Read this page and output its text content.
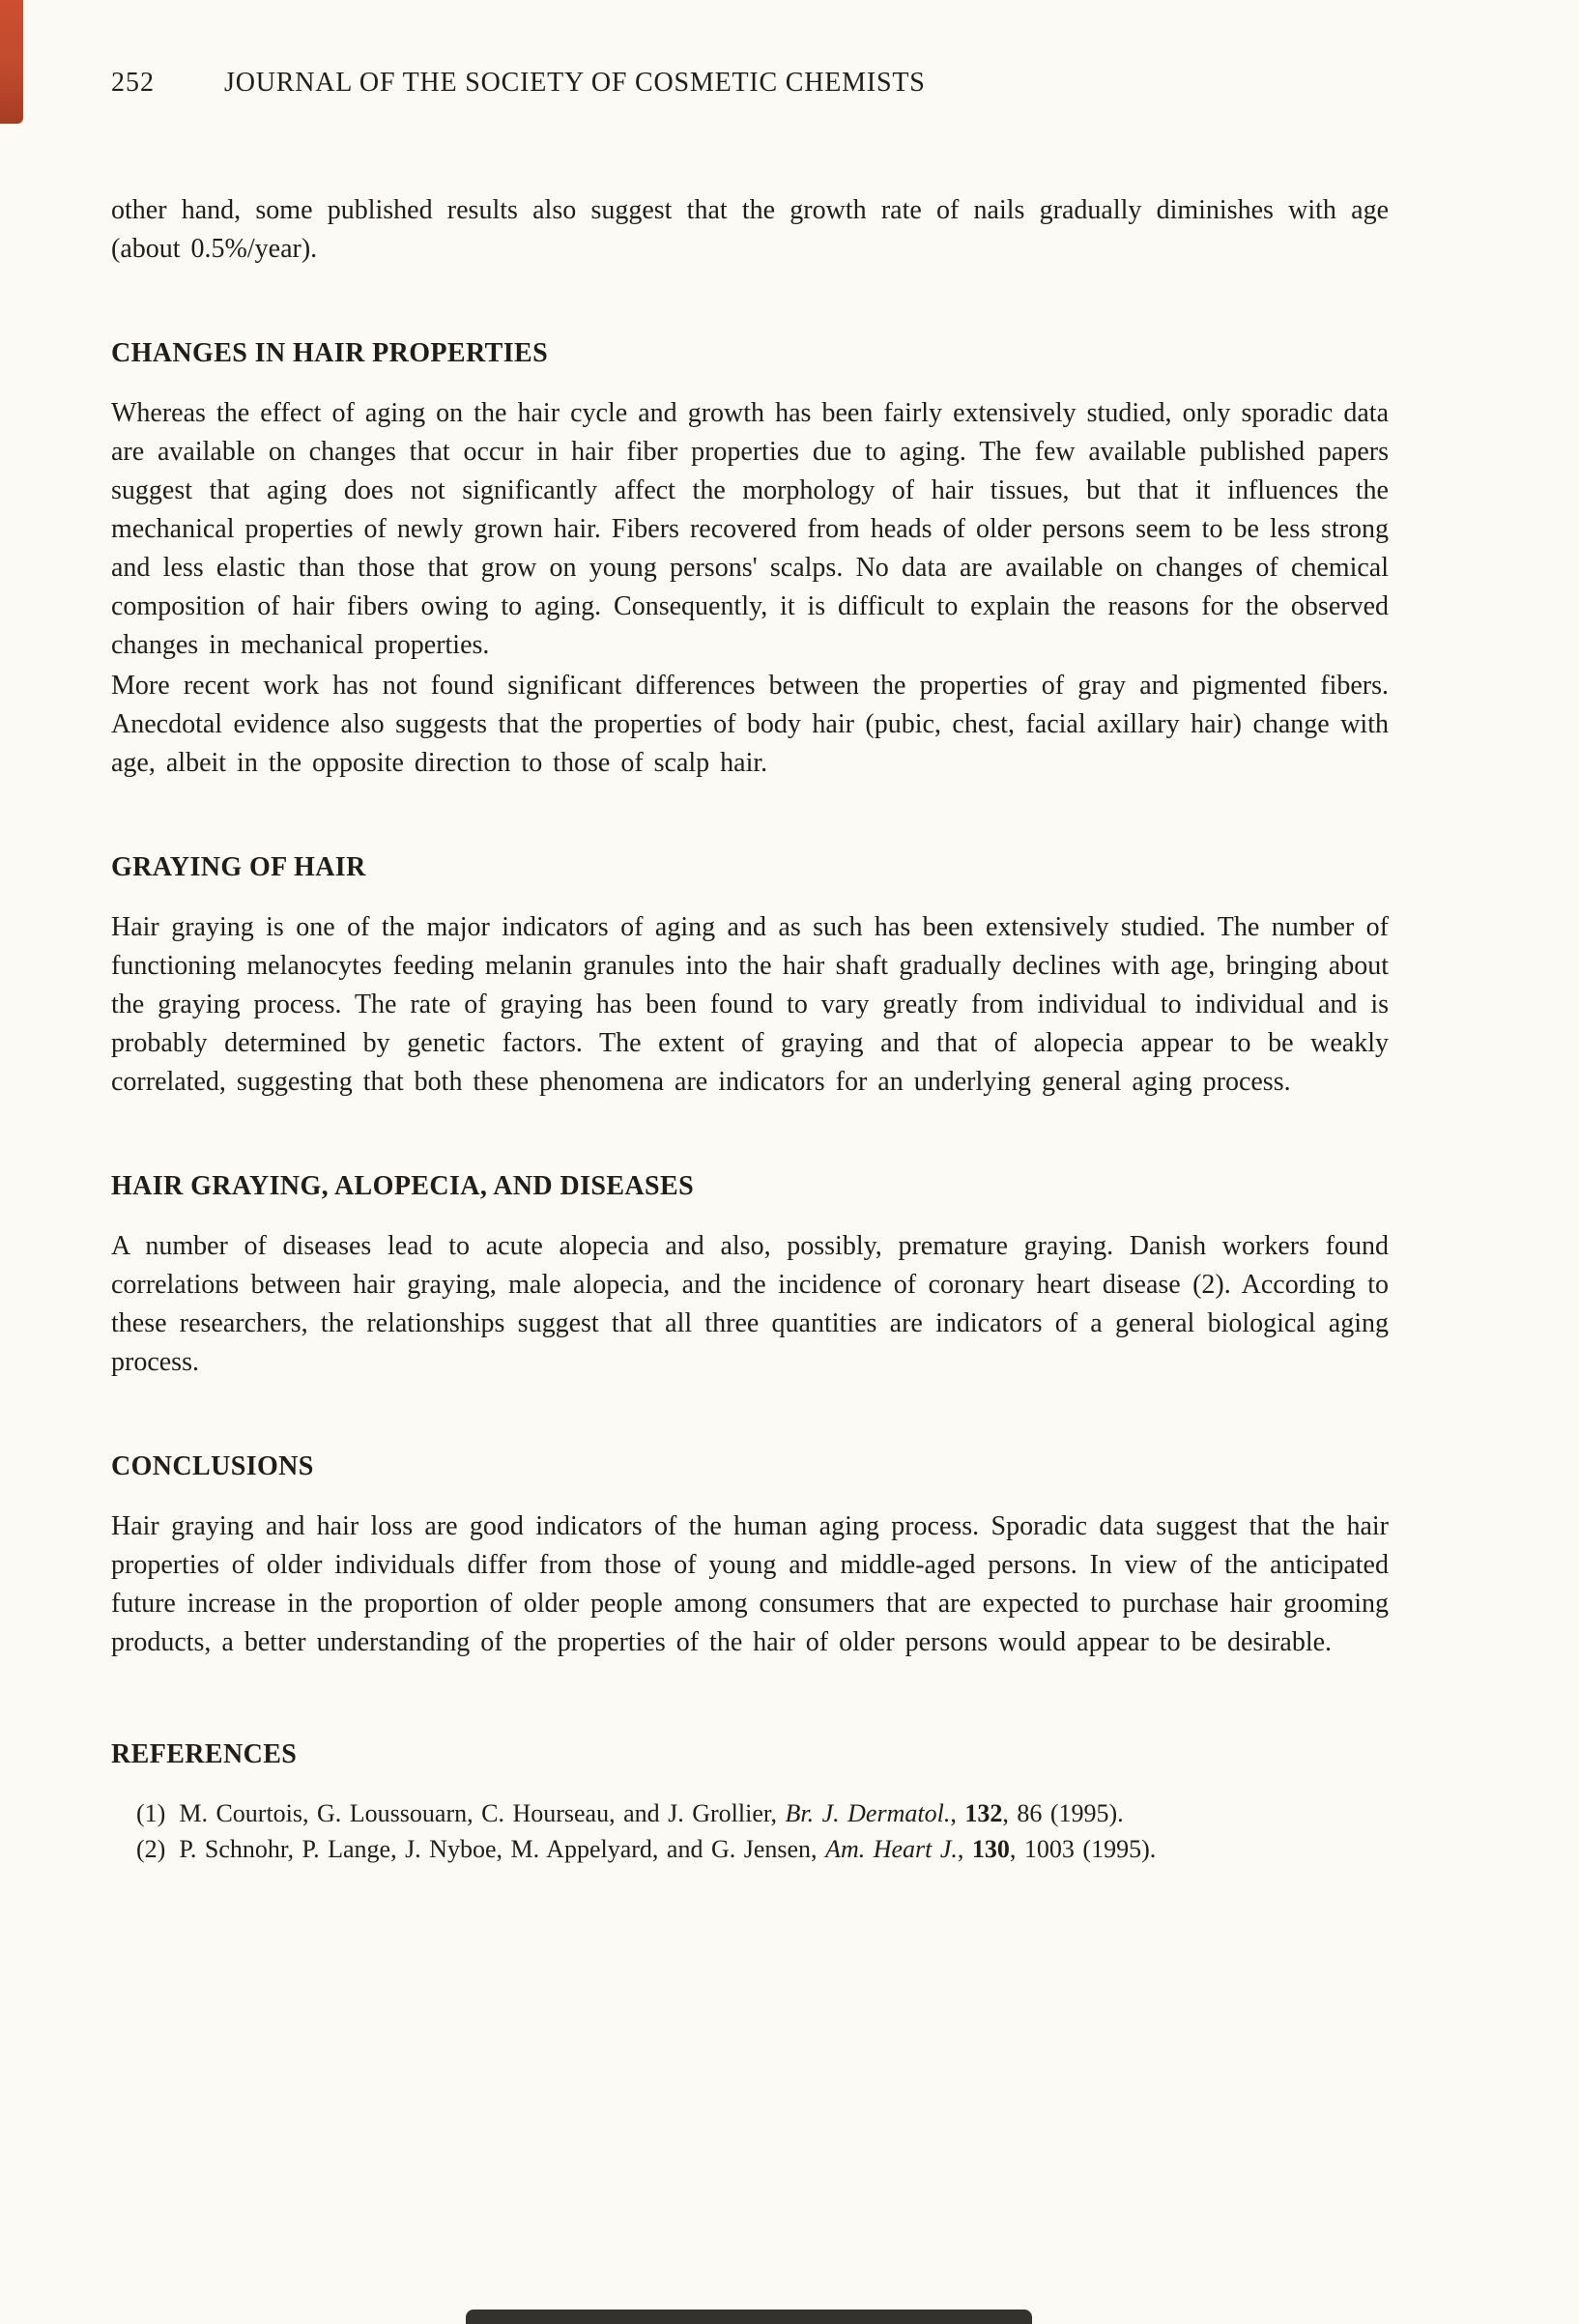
252	JOURNAL OF THE SOCIETY OF COSMETIC CHEMISTS

other hand, some published results also suggest that the growth rate of nails gradually diminishes with age (about 0.5%/year).

CHANGES IN HAIR PROPERTIES

Whereas the effect of aging on the hair cycle and growth has been fairly extensively studied, only sporadic data are available on changes that occur in hair fiber properties due to aging. The few available published papers suggest that aging does not significantly affect the morphology of hair tissues, but that it influences the mechanical properties of newly grown hair. Fibers recovered from heads of older persons seem to be less strong and less elastic than those that grow on young persons' scalps. No data are available on changes of chemical composition of hair fibers owing to aging. Consequently, it is difficult to explain the reasons for the observed changes in mechanical properties.

More recent work has not found significant differences between the properties of gray and pigmented fibers. Anecdotal evidence also suggests that the properties of body hair (pubic, chest, facial axillary hair) change with age, albeit in the opposite direction to those of scalp hair.

GRAYING OF HAIR

Hair graying is one of the major indicators of aging and as such has been extensively studied. The number of functioning melanocytes feeding melanin granules into the hair shaft gradually declines with age, bringing about the graying process. The rate of graying has been found to vary greatly from individual to individual and is probably determined by genetic factors. The extent of graying and that of alopecia appear to be weakly correlated, suggesting that both these phenomena are indicators for an underlying general aging process.

HAIR GRAYING, ALOPECIA, AND DISEASES

A number of diseases lead to acute alopecia and also, possibly, premature graying. Danish workers found correlations between hair graying, male alopecia, and the incidence of coronary heart disease (2). According to these researchers, the relationships suggest that all three quantities are indicators of a general biological aging process.

CONCLUSIONS

Hair graying and hair loss are good indicators of the human aging process. Sporadic data suggest that the hair properties of older individuals differ from those of young and middle-aged persons. In view of the anticipated future increase in the proportion of older people among consumers that are expected to purchase hair grooming products, a better understanding of the properties of the hair of older persons would appear to be desirable.

REFERENCES
(1) M. Courtois, G. Loussouarn, C. Hourseau, and J. Grollier, Br. J. Dermatol., 132, 86 (1995).
(2) P. Schnohr, P. Lange, J. Nyboe, M. Appelyard, and G. Jensen, Am. Heart J., 130, 1003 (1995).
